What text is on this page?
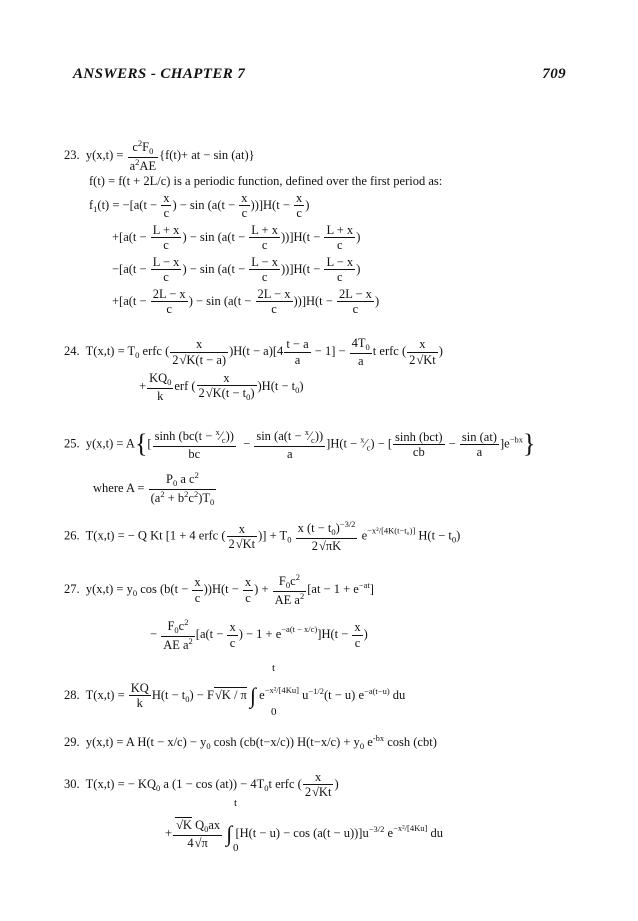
ANSWERS - CHAPTER 7	709
23.  $y(x,t) = \frac{c^2F_0}{a^2AE} \{f(t)+$ at − sin (at)}
f(t) = f(t + 2L/c) is a periodic function, defined over the first period as:
$f_1(t) = -[a(t - \frac{x}{c}$ ) − $\sin (a(t - \frac{x}{c} ))]H(t - \frac{x}{c}$ )
$+[a(t - \frac{L + x}{c}$ ) − $\sin (a(t - \frac{L + x}{c} ))]H(t - \frac{L + x}{c}$ )
$-[a(t - \frac{L - x}{c}$ ) − $\sin (a(t - \frac{L - x}{c} ))]H(t - \frac{L - x}{c}$ )
$+[a(t - \frac{2L - x}{c}$ ) − $\sin (a(t - \frac{2L - x}{c} ))]H(t - \frac{2L - x}{c}$ )
24.  $T(x,t) = T_0$ erfc ( $\frac{x}{2√K(t - a)} )H(t - a)[4 \frac{t - a}{a} - 1] - \frac{4T_0}{a}$ t erfc ( $\frac{x}{2√Kt}$ )
+ $\frac{KQ_0}{k}$ erf ( $\frac{x}{2√K(t - t_0)} )H(t - t_0)$
25.  $y(x,t) = A\{[ \frac{\sinh (bc(t - ^x⁄_c))}{bc} - \frac{\sin (a(t - ^x⁄_c))}{a} ]H(t$ − $^x⁄_c$) − [ sinh (bct)
cb
− $\frac{\sin (at)}{a} ]e^{-bx}$}
where $A = \frac{P_0 a c^2}{(a^2 + b^2c^2)T_0}$
26.  T(x,t) = − Q Kt [1 + 4 erfc ( $\frac{x}{2√Kt}$ )] + $T_0 \frac{x (t - t_0)^{-3/2}}{2√\pi K} e^{-x^2/[4K(t-t_0)]}$ $H(t - t_0)$
27.  $y(x,t) = y_0$ $\cos (b(t - \frac{x}{c} ))H(t - \frac{x}{c}$ ) + $\frac{F_0c^2}{AE a^2} [at - 1 + e^{-at}]$
− $\frac{F_0c^2}{AE a^2} [a(t - \frac{x}{c}$ ) − $1 + e^{-a(t - x/c)}]H(t - \frac{x}{c}$ )
28.  $T(x,t) = \frac{KQ}{k} H(t - t_0) - F√K / \pi$ ∫ $e^{-x^2/[4Ku]}$ $u^{-1/2}(t - u)$ $e^{-a(t-u)}$ du
t
0
29.  y(x,t) = A $H(t - x/c) - y_0$ cosh (cb(t−x/c)) $H(t-x/c) + y_0$ $e^{-bx}$ cosh (cbt)
30.  T(x,t) = − $KQ_0$ a $(1 - \cos (at)) - 4T_0t$ erfc ( $\frac{x}{2√Kt}$ )
+ $\frac{√K Q_0ax}{4√\pi}$ ∫ $[H(t - u) - \cos (a(t - u))]u^{-3/2}$ $e^{-x^2/[4Ku]}$ du
t
0
